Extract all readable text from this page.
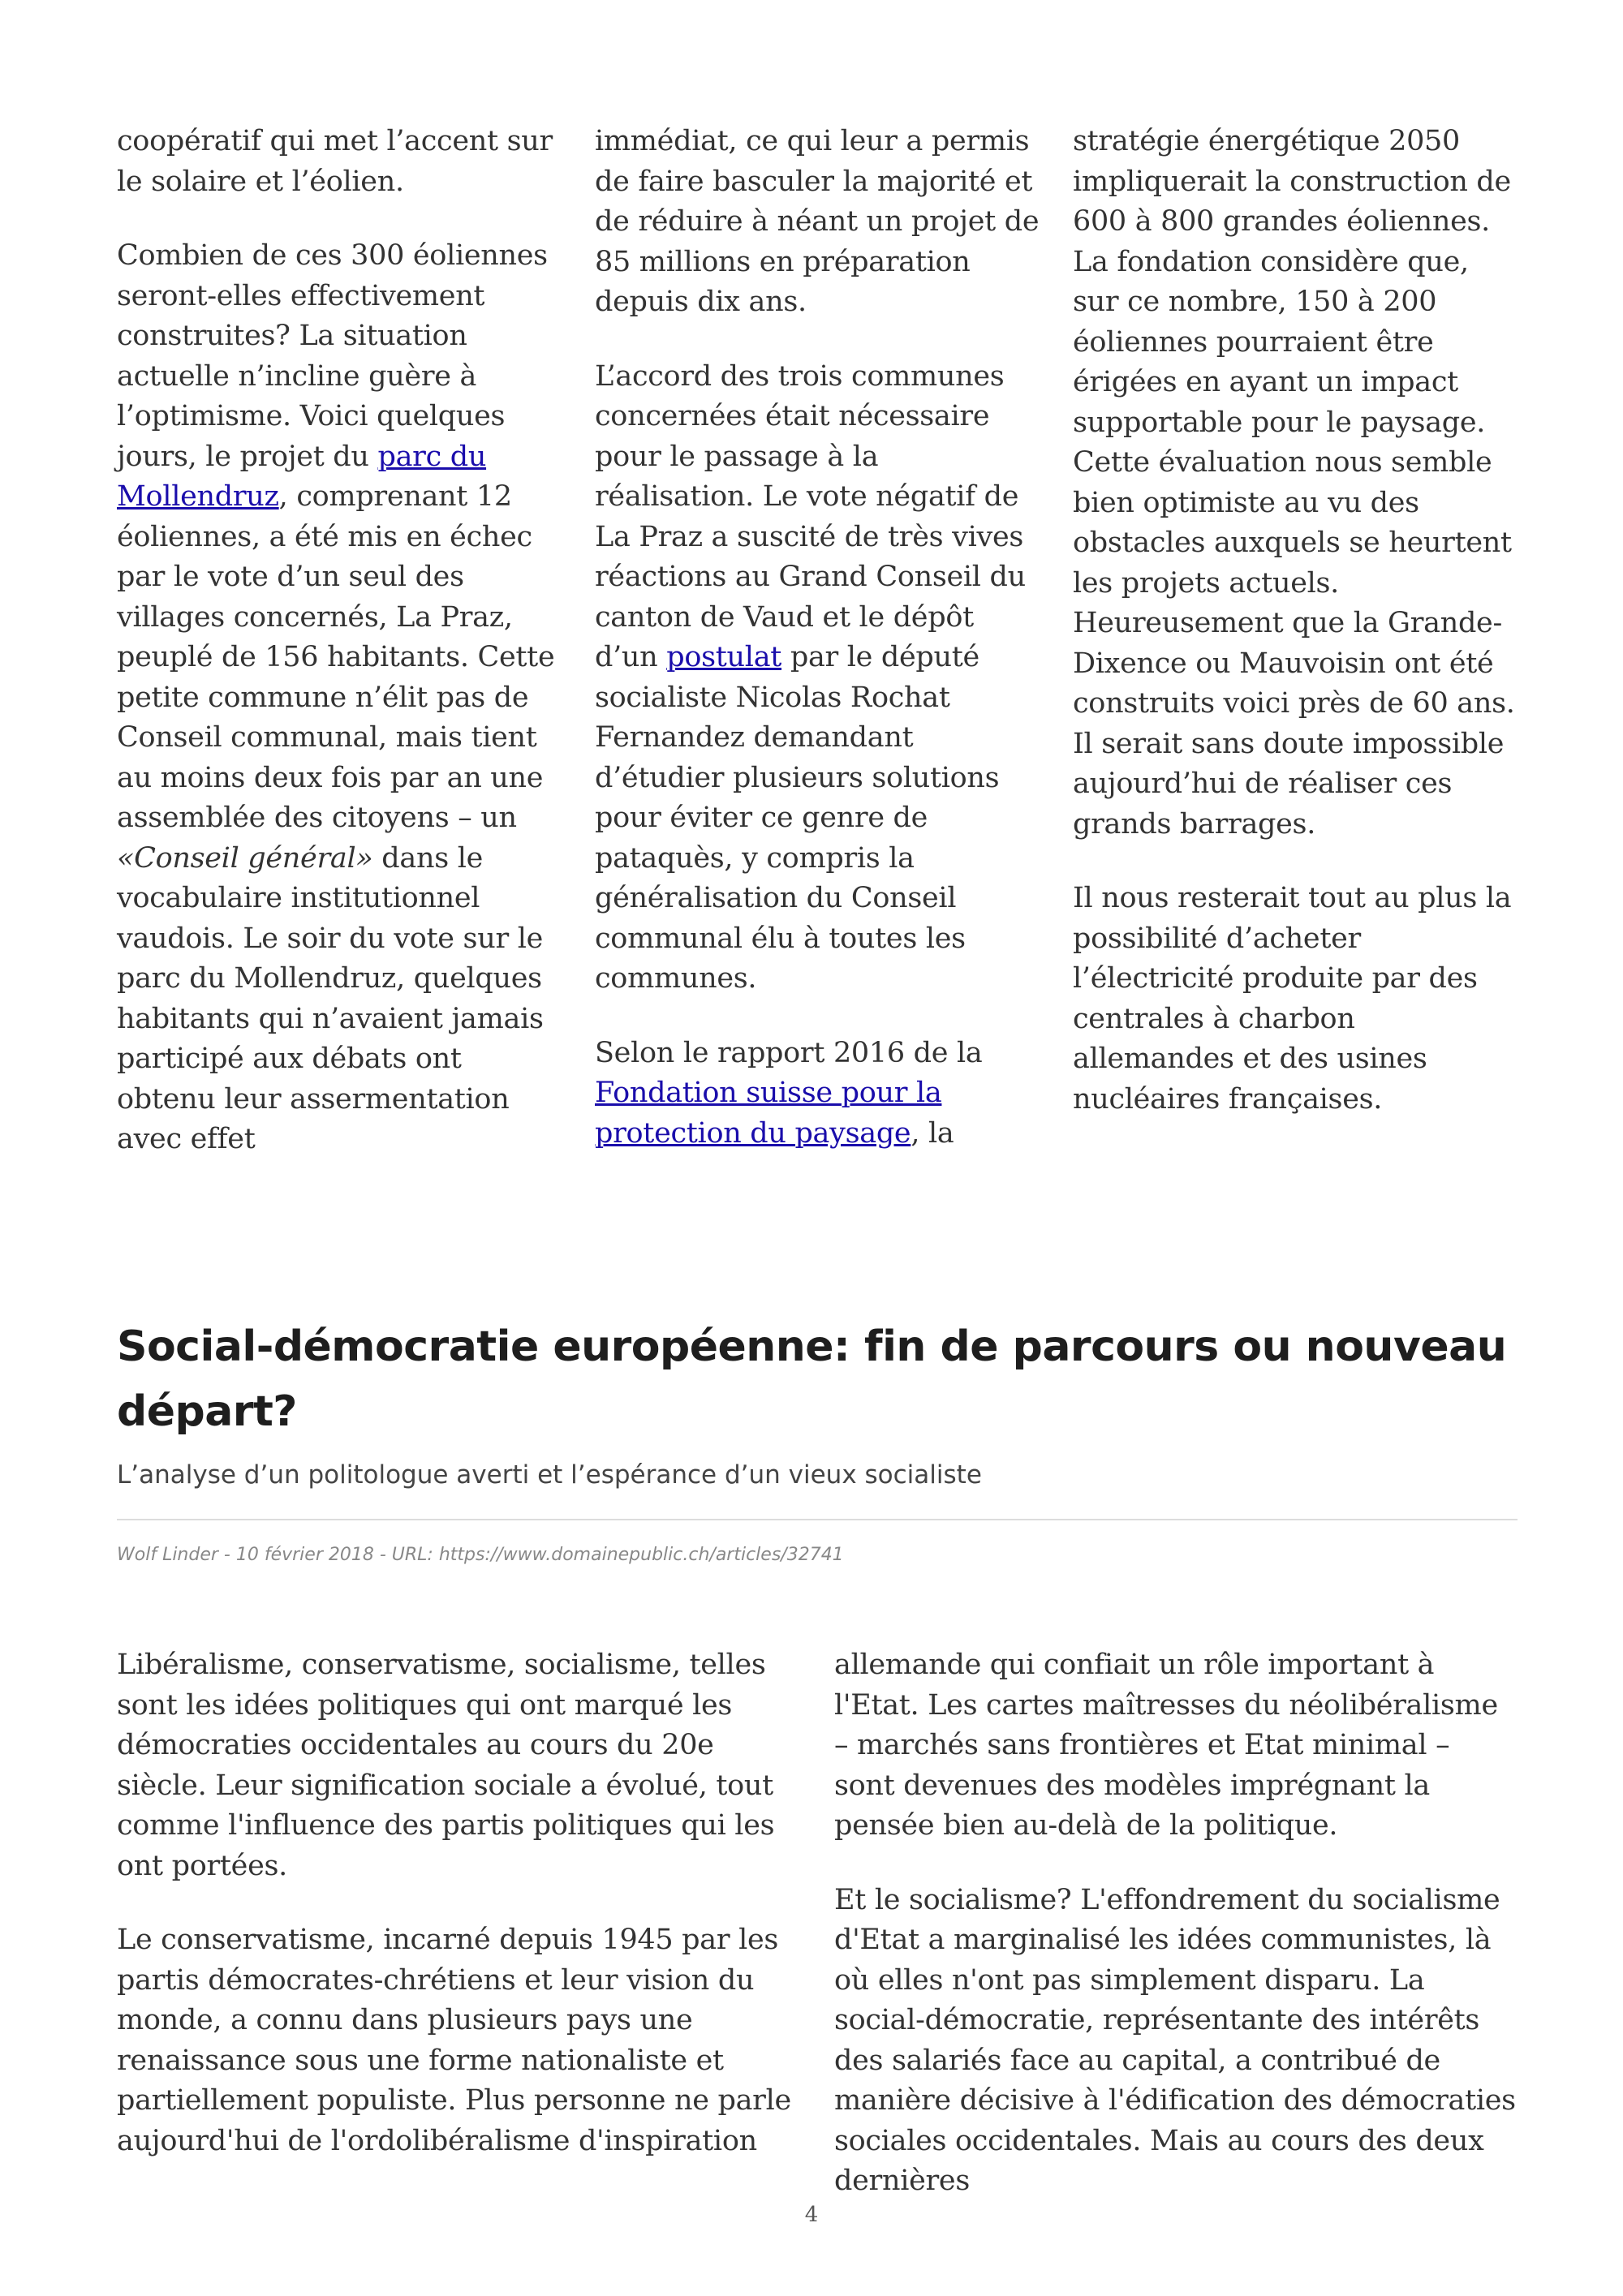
coopératif qui met l’accent sur le solaire et l’éolien.

Combien de ces 300 éoliennes seront-elles effectivement construites? La situation actuelle n’incline guère à l’optimisme. Voici quelques jours, le projet du parc du Mollendruz, comprenant 12 éoliennes, a été mis en échec par le vote d’un seul des villages concernés, La Praz, peuplé de 156 habitants. Cette petite commune n’élit pas de Conseil communal, mais tient au moins deux fois par an une assemblée des citoyens – un «Conseil général» dans le vocabulaire institutionnel vaudois. Le soir du vote sur le parc du Mollendruz, quelques habitants qui n’avaient jamais participé aux débats ont obtenu leur assermentation avec effet

immédiat, ce qui leur a permis de faire basculer la majorité et de réduire à néant un projet de 85 millions en préparation depuis dix ans.

L’accord des trois communes concernées était nécessaire pour le passage à la réalisation. Le vote négatif de La Praz a suscité de très vives réactions au Grand Conseil du canton de Vaud et le dépôt d’un postulat par le député socialiste Nicolas Rochat Fernandez demandant d’étudier plusieurs solutions pour éviter ce genre de pataquès, y compris la généralisation du Conseil communal élu à toutes les communes.

Selon le rapport 2016 de la Fondation suisse pour la protection du paysage, la

stratégie énergétique 2050 impliquerait la construction de 600 à 800 grandes éoliennes. La fondation considère que, sur ce nombre, 150 à 200 éoliennes pourraient être érigées en ayant un impact supportable pour le paysage. Cette évaluation nous semble bien optimiste au vu des obstacles auxquels se heurtent les projets actuels. Heureusement que la Grande-Dixence ou Mauvoisin ont été construits voici près de 60 ans. Il serait sans doute impossible aujourd’hui de réaliser ces grands barrages.

Il nous resterait tout au plus la possibilité d’acheter l’électricité produite par des centrales à charbon allemandes et des usines nucléaires françaises.

Social-démocratie européenne: fin de parcours ou nouveau départ?

L’analyse d’un politologue averti et l’espérance d’un vieux socialiste

Wolf Linder - 10 février 2018 - URL: https://www.domainepublic.ch/articles/32741

Libéralisme, conservatisme, socialisme, telles sont les idées politiques qui ont marqué les démocraties occidentales au cours du 20e siècle. Leur signification sociale a évolué, tout comme l'influence des partis politiques qui les ont portées.

Le conservatisme, incarné depuis 1945 par les partis démocrates-chrétiens et leur vision du monde, a connu dans plusieurs pays une renaissance sous une forme nationaliste et partiellement populiste. Plus personne ne parle aujourd'hui de l'ordolibéralisme d'inspiration

allemande qui confiait un rôle important à l'Etat. Les cartes maîtresses du néolibéralisme – marchés sans frontières et Etat minimal – sont devenues des modèles imprégnant la pensée bien au-delà de la politique.

Et le socialisme? L'effondrement du socialisme d'Etat a marginalisé les idées communistes, là où elles n'ont pas simplement disparu. La social-démocratie, représentante des intérêts des salariés face au capital, a contribué de manière décisive à l'édification des démocraties sociales occidentales. Mais au cours des deux dernières

4
